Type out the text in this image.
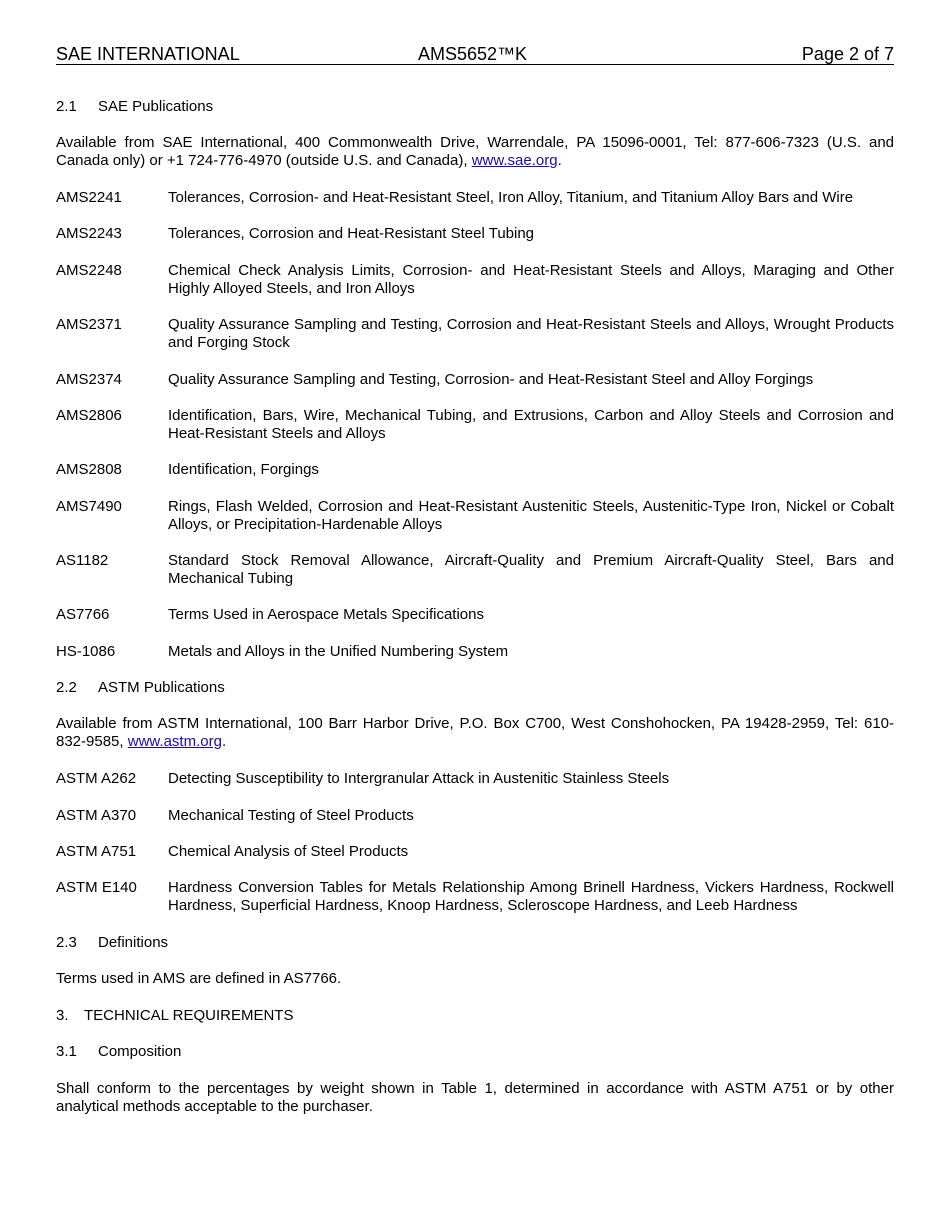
SAE INTERNATIONAL	AMS5652™K	Page 2 of 7
2.1 SAE Publications
Available from SAE International, 400 Commonwealth Drive, Warrendale, PA 15096-0001, Tel: 877-606-7323 (U.S. and Canada only) or +1 724-776-4970 (outside U.S. and Canada), www.sae.org.
AMS2241	Tolerances, Corrosion- and Heat-Resistant Steel, Iron Alloy, Titanium, and Titanium Alloy Bars and Wire
AMS2243	Tolerances, Corrosion and Heat-Resistant Steel Tubing
AMS2248	Chemical Check Analysis Limits, Corrosion- and Heat-Resistant Steels and Alloys, Maraging and Other Highly Alloyed Steels, and Iron Alloys
AMS2371	Quality Assurance Sampling and Testing, Corrosion and Heat-Resistant Steels and Alloys, Wrought Products and Forging Stock
AMS2374	Quality Assurance Sampling and Testing, Corrosion- and Heat-Resistant Steel and Alloy Forgings
AMS2806	Identification, Bars, Wire, Mechanical Tubing, and Extrusions, Carbon and Alloy Steels and Corrosion and Heat-Resistant Steels and Alloys
AMS2808	Identification, Forgings
AMS7490	Rings, Flash Welded, Corrosion and Heat-Resistant Austenitic Steels, Austenitic-Type Iron, Nickel or Cobalt Alloys, or Precipitation-Hardenable Alloys
AS1182	Standard Stock Removal Allowance, Aircraft-Quality and Premium Aircraft-Quality Steel, Bars and Mechanical Tubing
AS7766	Terms Used in Aerospace Metals Specifications
HS-1086	Metals and Alloys in the Unified Numbering System
2.2 ASTM Publications
Available from ASTM International, 100 Barr Harbor Drive, P.O. Box C700, West Conshohocken, PA 19428-2959, Tel: 610-832-9585, www.astm.org.
ASTM A262	Detecting Susceptibility to Intergranular Attack in Austenitic Stainless Steels
ASTM A370	Mechanical Testing of Steel Products
ASTM A751	Chemical Analysis of Steel Products
ASTM E140	Hardness Conversion Tables for Metals Relationship Among Brinell Hardness, Vickers Hardness, Rockwell Hardness, Superficial Hardness, Knoop Hardness, Scleroscope Hardness, and Leeb Hardness
2.3 Definitions
Terms used in AMS are defined in AS7766.
3. TECHNICAL REQUIREMENTS
3.1 Composition
Shall conform to the percentages by weight shown in Table 1, determined in accordance with ASTM A751 or by other analytical methods acceptable to the purchaser.
